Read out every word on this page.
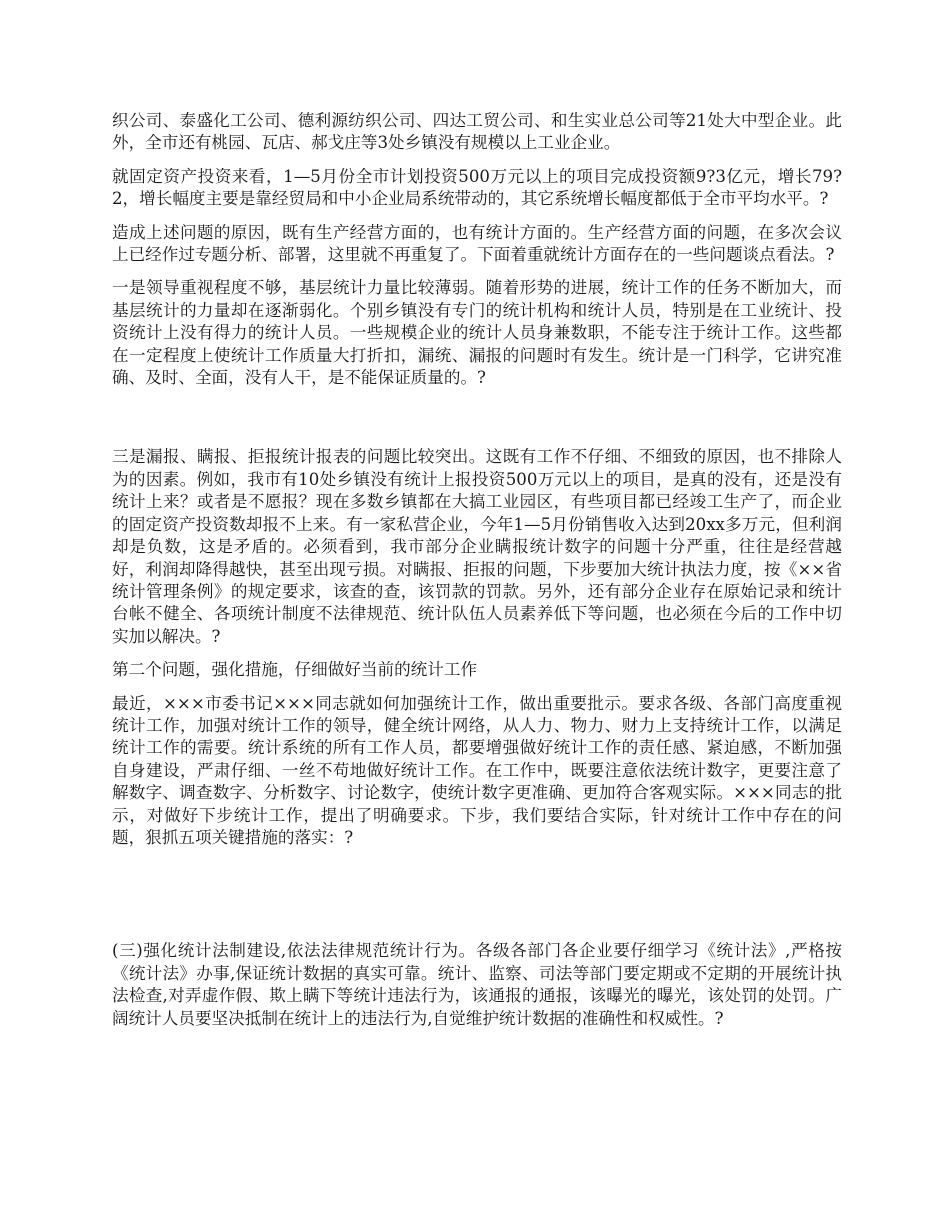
织公司、泰盛化工公司、德利源纺织公司、四达工贸公司、和生实业总公司等21处大中型企业。此外，全市还有桃园、瓦店、郝戈庄等3处乡镇没有规模以上工业企业。

就固定资产投资来看，1—5月份全市计划投资500万元以上的项目完成投资额9?3亿元，增长79?2，增长幅度主要是靠经贸局和中小企业局系统带动的，其它系统增长幅度都低于全市平均水平。?

造成上述问题的原因，既有生产经营方面的，也有统计方面的。生产经营方面的问题，在多次会议上已经作过专题分析、部署，这里就不再重复了。下面着重就统计方面存在的一些问题谈点看法。?

一是领导重视程度不够，基层统计力量比较薄弱。随着形势的进展，统计工作的任务不断加大，而基层统计的力量却在逐渐弱化。个别乡镇没有专门的统计机构和统计人员，特别是在工业统计、投资统计上没有得力的统计人员。一些规模企业的统计人员身兼数职，不能专注于统计工作。这些都在一定程度上使统计工作质量大打折扣，漏统、漏报的问题时有发生。统计是一门科学，它讲究准确、及时、全面，没有人干，是不能保证质量的。?

三是漏报、瞒报、拒报统计报表的问题比较突出。这既有工作不仔细、不细致的原因，也不排除人为的因素。例如，我市有10处乡镇没有统计上报投资500万元以上的项目，是真的没有，还是没有统计上来？或者是不愿报？现在多数乡镇都在大搞工业园区，有些项目都已经竣工生产了，而企业的固定资产投资数却报不上来。有一家私营企业，今年1—5月份销售收入达到20xx多万元，但利润却是负数，这是矛盾的。必须看到，我市部分企业瞒报统计数字的问题十分严重，往往是经营越好，利润却降得越快，甚至出现亏损。对瞒报、拒报的问题，下步要加大统计执法力度，按《××省统计管理条例》的规定要求，该查的查，该罚款的罚款。另外，还有部分企业存在原始记录和统计台帐不健全、各项统计制度不法律规范、统计队伍人员素养低下等问题，也必须在今后的工作中切实加以解决。?

第二个问题，强化措施，仔细做好当前的统计工作

最近，×××市委书记×××同志就如何加强统计工作，做出重要批示。要求各级、各部门高度重视统计工作，加强对统计工作的领导，健全统计网络，从人力、物力、财力上支持统计工作，以满足统计工作的需要。统计系统的所有工作人员，都要增强做好统计工作的责任感、紧迫感，不断加强自身建设，严肃仔细、一丝不苟地做好统计工作。在工作中，既要注意依法统计数字，更要注意了解数字、调查数字、分析数字、讨论数字，使统计数字更准确、更加符合客观实际。×××同志的批示，对做好下步统计工作，提出了明确要求。下步，我们要结合实际，针对统计工作中存在的问题，狠抓五项关键措施的落实：?

(三)强化统计法制建设,依法法律规范统计行为。各级各部门各企业要仔细学习《统计法》,严格按《统计法》办事,保证统计数据的真实可靠。统计、监察、司法等部门要定期或不定期的开展统计执法检查,对弄虚作假、欺上瞒下等统计违法行为，该通报的通报，该曝光的曝光，该处罚的处罚。广阔统计人员要坚决抵制在统计上的违法行为,自觉维护统计数据的准确性和权威性。?
